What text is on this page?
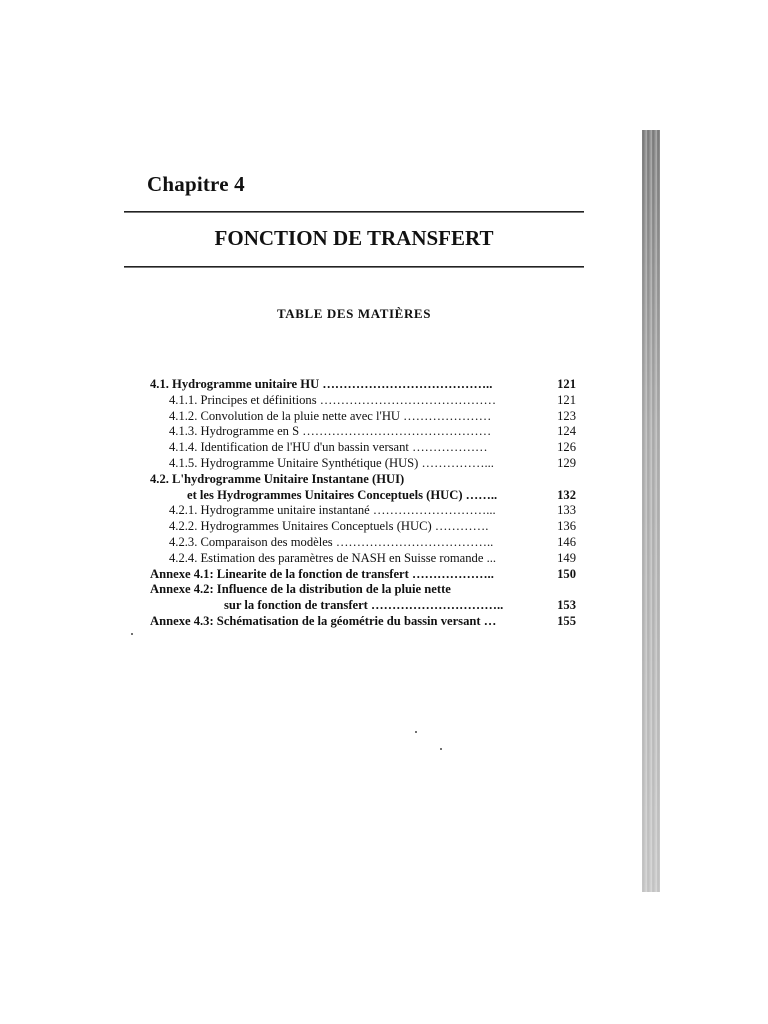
Chapitre 4
FONCTION DE TRANSFERT
TABLE DES MATIÈRES
4.1. Hydrogramme unitaire HU …………………………………..	121
4.1.1. Principes et définitions ……………………………………	121
4.1.2. Convolution de la pluie nette avec l'HU …………………	123
4.1.3. Hydrogramme en S ………………………………………	124
4.1.4. Identification de l'HU d'un bassin versant ………………	126
4.1.5. Hydrogramme Unitaire Synthétique (HUS) ……………...	129
4.2. L'hydrogramme Unitaire Instantane (HUI)
et les Hydrogrammes Unitaires Conceptuels (HUC) ……..	132
4.2.1. Hydrogramme unitaire instantané ………………………...	133
4.2.2. Hydrogrammes Unitaires Conceptuels (HUC) ………….	136
4.2.3. Comparaison des modèles ………………………………..	146
4.2.4. Estimation des paramètres de NASH en Suisse romande ...	149
Annexe 4.1: Linearite de la fonction de transfert ………………..	150
Annexe 4.2: Influence de la distribution de la pluie nette
sur la fonction de transfert …………………………..	153
Annexe 4.3: Schématisation de la géométrie du bassin versant …	155
